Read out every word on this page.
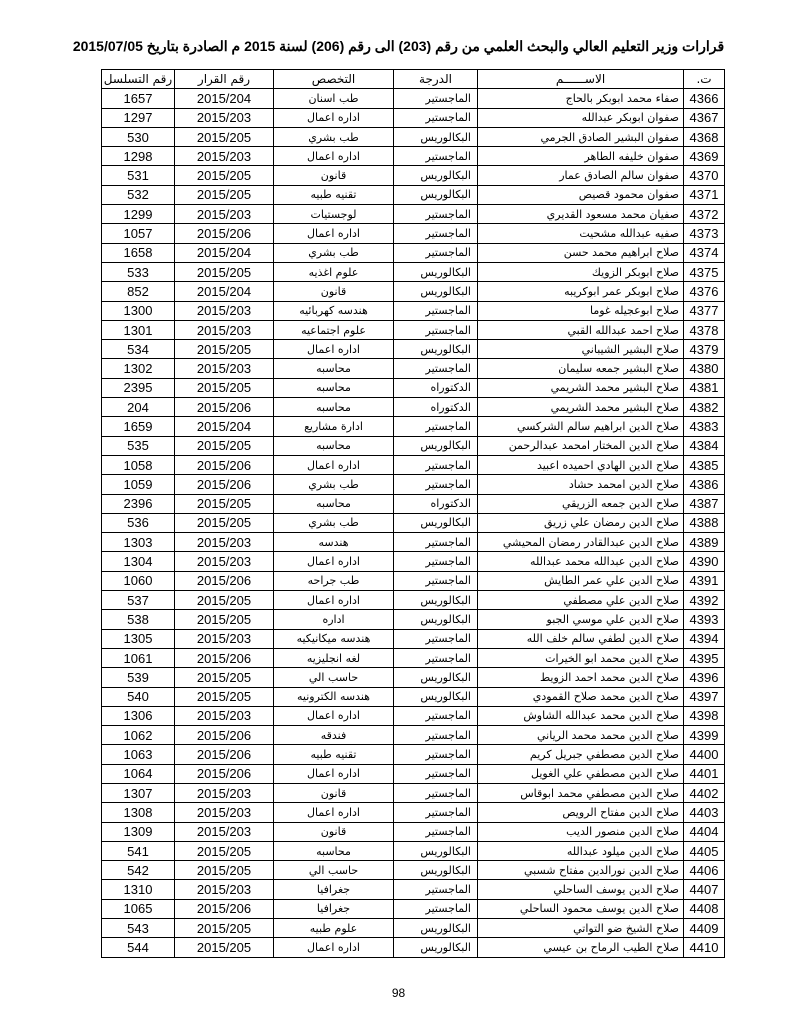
قرارات وزير التعليم العالي والبحث العلمي من رقم (203) الى رقم (206) لسنة 2015 م الصادرة بتاريخ 2015/07/05
رقم التسلسل	رقم القرار	التخصص	الدرجة	الاســــــم	ت.
1657	2015/204	طب اسنان	الماجستير	صفاء محمد ابوبكر بالحاج	4366
1297	2015/203	اداره اعمال	الماجستير	صفوان ابوبكر عبدالله	4367
530	2015/205	طب بشري	البكالوريس	صفوان البشير الصادق الجرمي	4368
1298	2015/203	اداره اعمال	الماجستير	صفوان خليفه الطاهر	4369
531	2015/205	قانون	البكالوريس	صفوان سالم الصادق عمار	4370
532	2015/205	تقنيه طبيه	البكالوريس	صفوان محمود قصيص	4371
1299	2015/203	لوجستيات	الماجستير	صفيان محمد مسعود القديري	4372
1057	2015/206	اداره اعمال	الماجستير	صفيه عبدالله مشحيت	4373
1658	2015/204	طب بشري	الماجستير	صلاح ابراهيم محمد حسن	4374
533	2015/205	علوم اغذيه	البكالوريس	صلاح ابوبكر الزويك	4375
852	2015/204	قانون	البكالوريس	صلاح ابوبكر عمر ابوكريبه	4376
1300	2015/203	هندسه كهربائيه	الماجستير	صلاح ابوعجيله غوما	4377
1301	2015/203	علوم اجتماعيه	الماجستير	صلاح احمد عبدالله القبي	4378
534	2015/205	اداره اعمال	البكالوريس	صلاح البشير الشيباني	4379
1302	2015/203	محاسبه	الماجستير	صلاح البشير جمعه سليمان	4380
2395	2015/205	محاسبه	الدكتوراه	صلاح البشير محمد الشريمي	4381
204	2015/206	محاسبه	الدكتوراه	صلاح البشير محمد الشريمي	4382
1659	2015/204	ادارة مشاريع	الماجستير	صلاح الدين ابراهيم سالم الشركسي	4383
535	2015/205	محاسبه	البكالوريس	صلاح الدين المختار امحمد عبدالرحمن	4384
1058	2015/206	اداره اعمال	الماجستير	صلاح الدين الهادي احميده اعبيد	4385
1059	2015/206	طب بشري	الماجستير	صلاح الدين امحمد حشاد	4386
2396	2015/205	محاسبه	الدكتوراه	صلاح الدين جمعه الزريقي	4387
536	2015/205	طب بشري	البكالوريس	صلاح الدين رمضان علي زريق	4388
1303	2015/203	هندسه	الماجستير	صلاح الدين عبدالقادر رمضان المحيشي	4389
1304	2015/203	اداره اعمال	الماجستير	صلاح الدين عبدالله محمد عبدالله	4390
1060	2015/206	طب جراحه	الماجستير	صلاح الدين علي عمر الطايش	4391
537	2015/205	اداره اعمال	البكالوريس	صلاح الدين علي مصطفي	4392
538	2015/205	اداره	البكالوريس	صلاح الدين علي موسي الجبو	4393
1305	2015/203	هندسه ميكانيكيه	الماجستير	صلاح الدين لطفي سالم خلف الله	4394
1061	2015/206	لغه انجليزيه	الماجستير	صلاح الدين محمد ابو الخيرات	4395
539	2015/205	حاسب الي	البكالوريس	صلاح الدين محمد احمد الزويط	4396
540	2015/205	هندسه الكترونيه	البكالوريس	صلاح الدين محمد صلاح القمودي	4397
1306	2015/203	اداره اعمال	الماجستير	صلاح الدين محمد عبدالله الشاوش	4398
1062	2015/206	فندقه	الماجستير	صلاح الدين محمد محمد الرياني	4399
1063	2015/206	تقنيه طبيه	الماجستير	صلاح الدين مصطفي جبريل كريم	4400
1064	2015/206	اداره اعمال	الماجستير	صلاح الدين مصطفي علي الغويل	4401
1307	2015/203	قانون	الماجستير	صلاح الدين مصطفي محمد ابوقاس	4402
1308	2015/203	اداره اعمال	الماجستير	صلاح الدين مفتاح الرويص	4403
1309	2015/203	قانون	الماجستير	صلاح الدين منصور الديب	4404
541	2015/205	محاسبه	البكالوريس	صلاح الدين ميلود عبدالله	4405
542	2015/205	حاسب الي	البكالوريس	صلاح الدين نورالدين مفتاح شسبي	4406
1310	2015/203	جغرافيا	الماجستير	صلاح الدين يوسف الساحلي	4407
1065	2015/206	جغرافيا	الماجستير	صلاح الدين يوسف محمود الساحلي	4408
543	2015/205	علوم طبيه	البكالوريس	صلاح الشيخ ضو التواتي	4409
544	2015/205	اداره اعمال	البكالوريس	صلاح الطيب الرماح بن عيسي	4410
98
